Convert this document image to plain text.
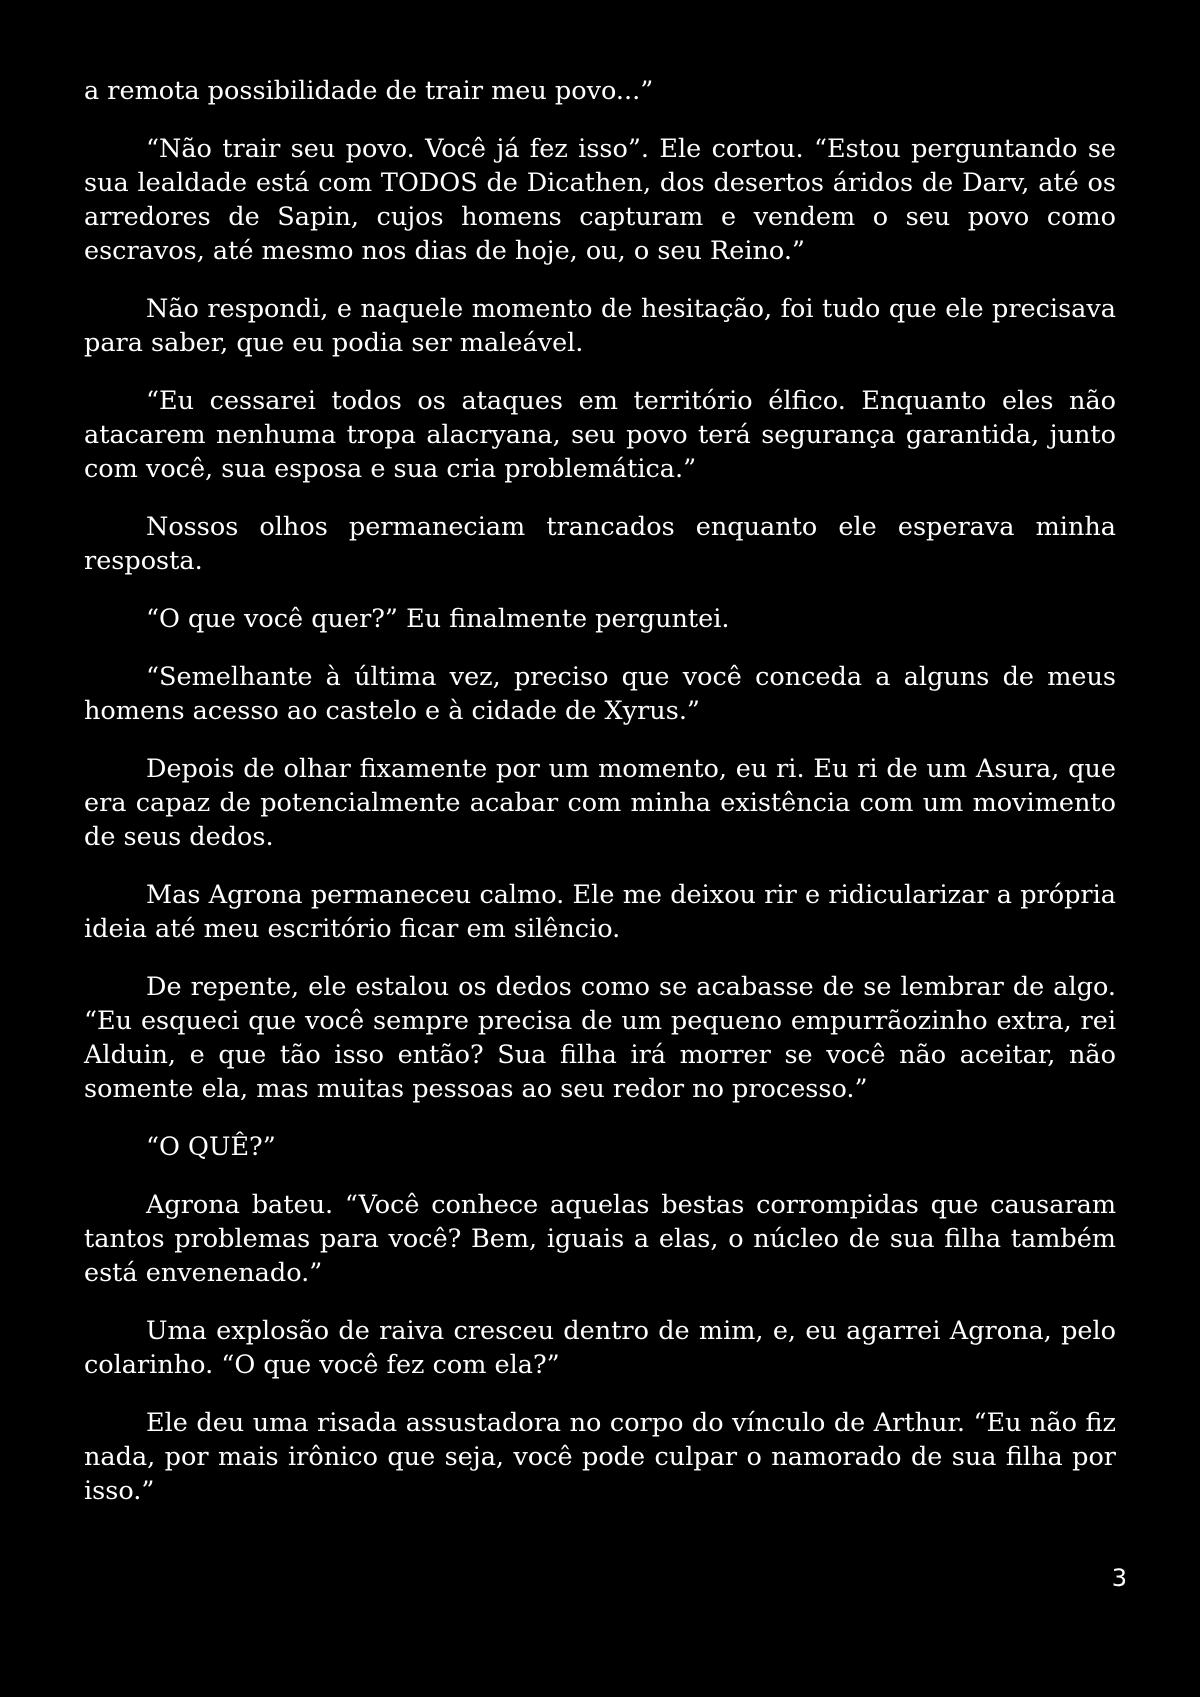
a remota possibilidade de trair meu povo...”

“Não trair seu povo. Você já fez isso”. Ele cortou. “Estou perguntando se sua lealdade está com TODOS de Dicathen, dos desertos áridos de Darv, até os arredores de Sapin, cujos homens capturam e vendem o seu povo como escravos, até mesmo nos dias de hoje, ou, o seu Reino.”

Não respondi, e naquele momento de hesitação, foi tudo que ele precisava para saber, que eu podia ser maleável.

“Eu cessarei todos os ataques em território élfico. Enquanto eles não atacarem nenhuma tropa alacryana, seu povo terá segurança garantida, junto com você, sua esposa e sua cria problemática.”

Nossos olhos permaneciam trancados enquanto ele esperava minha resposta.

“O que você quer?” Eu finalmente perguntei.

“Semelhante à última vez, preciso que você conceda a alguns de meus homens acesso ao castelo e à cidade de Xyrus.”

Depois de olhar fixamente por um momento, eu ri. Eu ri de um Asura, que era capaz de potencialmente acabar com minha existência com um movimento de seus dedos.

Mas Agrona permaneceu calmo. Ele me deixou rir e ridicularizar a própria ideia até meu escritório ficar em silêncio.

De repente, ele estalou os dedos como se acabasse de se lembrar de algo. “Eu esqueci que você sempre precisa de um pequeno empurrãozinho extra, rei Alduin, e que tão isso então? Sua filha irá morrer se você não aceitar, não somente ela, mas muitas pessoas ao seu redor no processo.”

“O QUÊ?”

Agrona bateu. “Você conhece aquelas bestas corrompidas que causaram tantos problemas para você? Bem, iguais a elas, o núcleo de sua filha também está envenenado.”

Uma explosão de raiva cresceu dentro de mim, e, eu agarrei Agrona, pelo colarinho. “O que você fez com ela?”

Ele deu uma risada assustadora no corpo do vínculo de Arthur. “Eu não fiz nada, por mais irônico que seja, você pode culpar o namorado de sua filha por isso.”

3
